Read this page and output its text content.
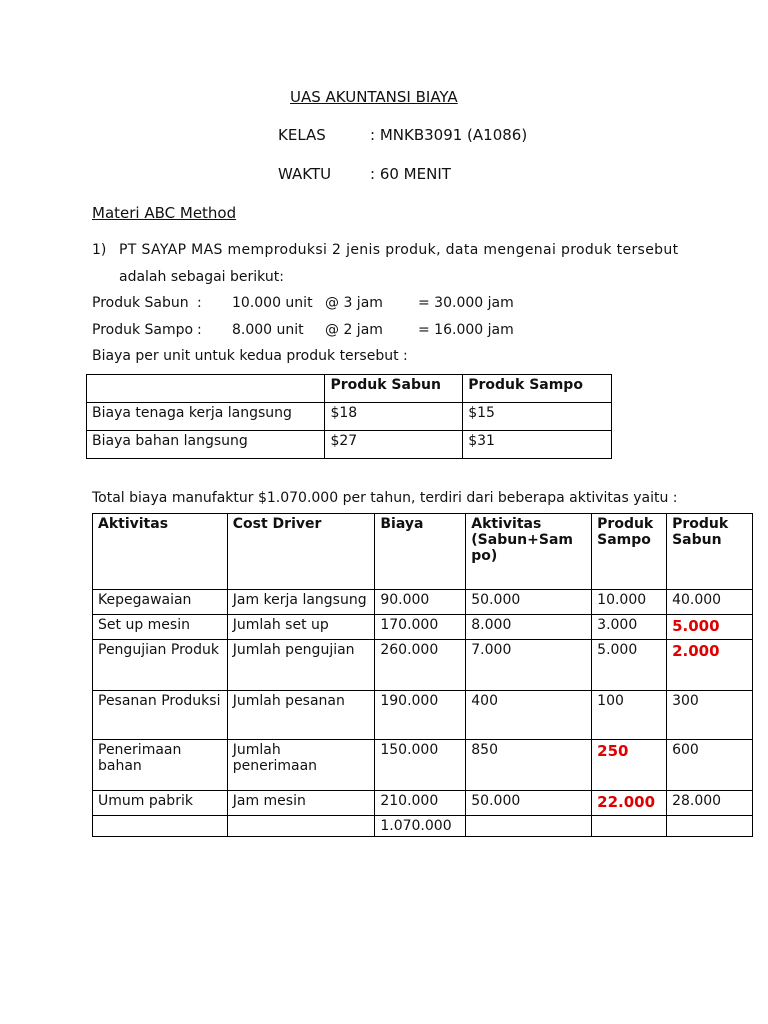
UAS AKUNTANSI BIAYA
KELAS	: MNKB3091 (A1086)
WAKTU	: 60 MENIT
Materi ABC Method
1) PT SAYAP MAS memproduksi 2 jenis produk, data mengenai produk tersebut
adalah sebagai berikut:
Produk Sabun : 10.000 unit @ 3 jam	= 30.000 jam
Produk Sampo : 8.000 unit @ 2 jam	= 16.000 jam
Biaya per unit untuk kedua produk tersebut :
	Produk Sabun	Produk Sampo
Biaya tenaga kerja langsung	$18	$15
Biaya bahan langsung	$27	$31
Total biaya manufaktur $1.070.000 per tahun, terdiri dari beberapa aktivitas yaitu :
Aktivitas	Cost Driver	Biaya	Aktivitas (Sabun+Sam po)	Produk Sampo	Produk Sabun
Kepegawaian	Jam kerja langsung	90.000	50.000	10.000	40.000
Set up mesin	Jumlah set up	170.000	8.000	3.000	5.000
Pengujian Produk	Jumlah pengujian	260.000	7.000	5.000	2.000
Pesanan Produksi	Jumlah pesanan	190.000	400	100	300
Penerimaan bahan	Jumlah penerimaan	150.000	850	250	600
Umum pabrik	Jam mesin	210.000	50.000	22.000	28.000
		1.070.000			
